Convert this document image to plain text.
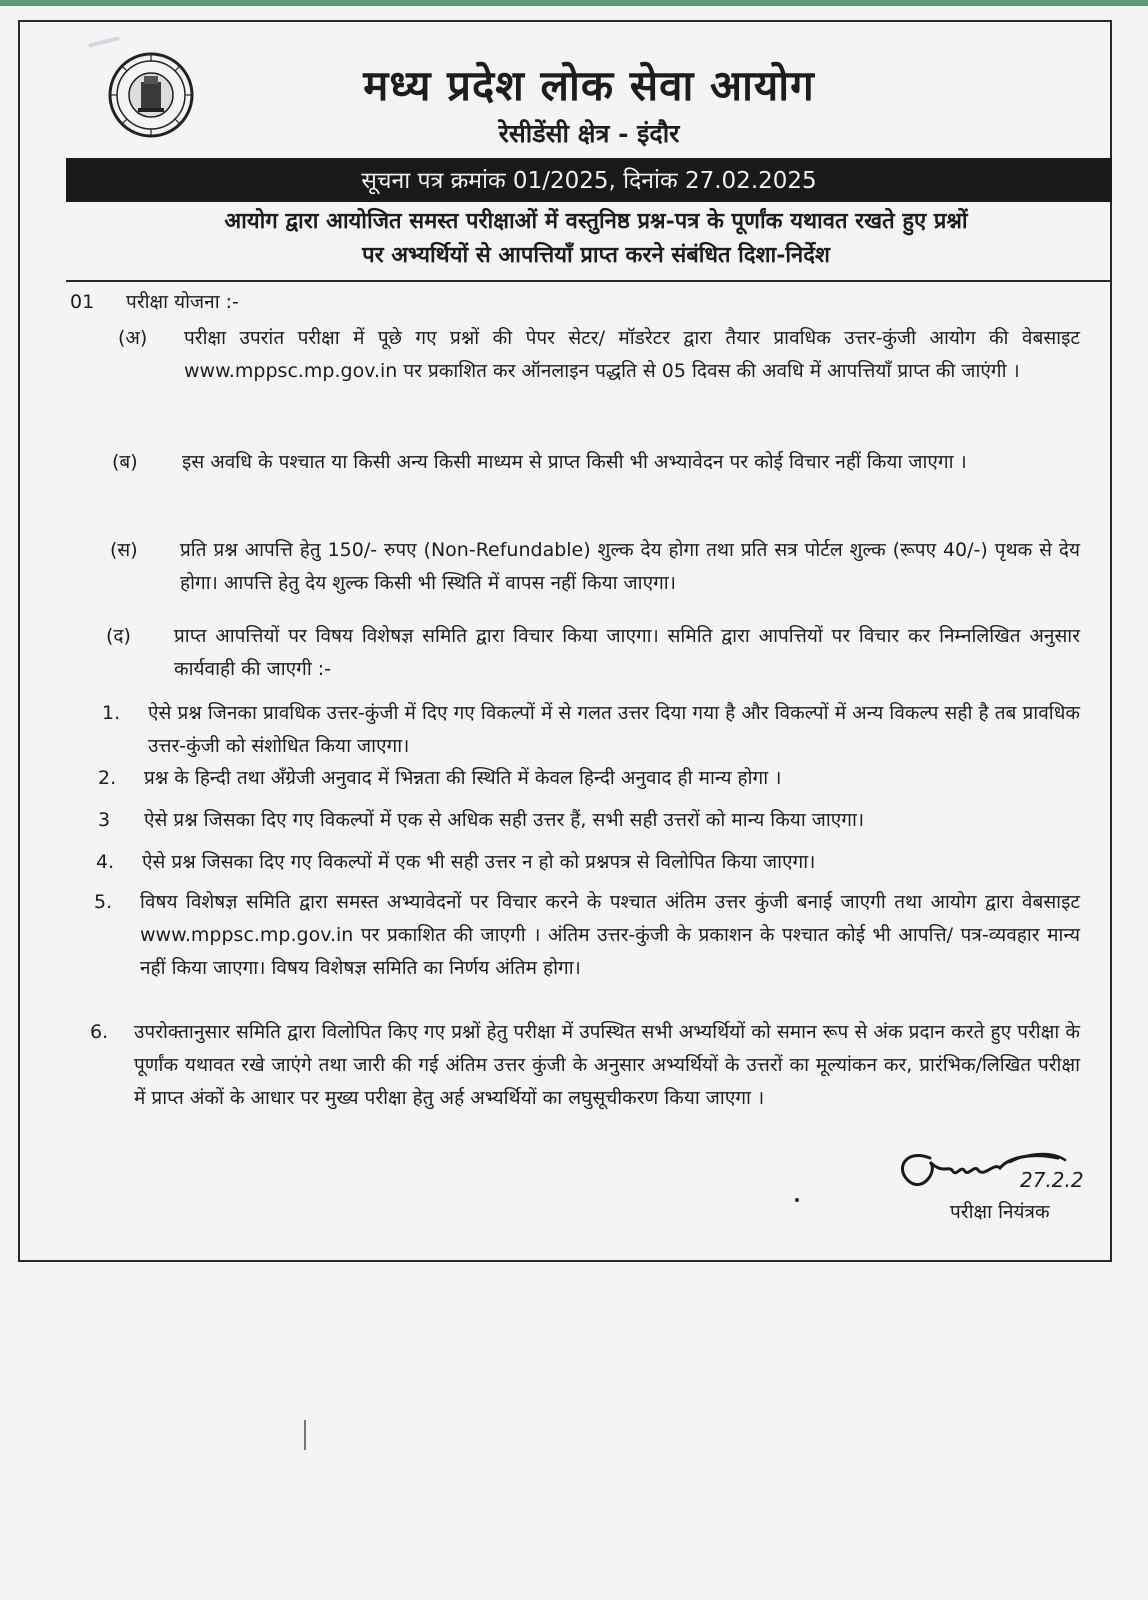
मध्य प्रदेश लोक सेवा आयोग
रेसीडेंसी क्षेत्र - इंदौर
सूचना पत्र क्रमांक 01/2025, दिनांक 27.02.2025
आयोग द्वारा आयोजित समस्त परीक्षाओं में वस्तुनिष्ठ प्रश्न-पत्र के पूर्णांक यथावत रखते हुए प्रश्नों
पर अभ्यर्थियों से आपत्तियाँ प्राप्त करने संबंधित दिशा-निर्देश
01 परीक्षा योजना :-
(अ) परीक्षा उपरांत परीक्षा में पूछे गए प्रश्नों की पेपर सेटर/ मॉडरेटर द्वारा तैयार प्रावधिक उत्तर-कुंजी आयोग की वेबसाइट www.mppsc.mp.gov.in पर प्रकाशित कर ऑनलाइन पद्धति से 05 दिवस की अवधि में आपत्तियाँ प्राप्त की जाएंगी ।
(ब) इस अवधि के पश्चात या किसी अन्य किसी माध्यम से प्राप्त किसी भी अभ्यावेदन पर कोई विचार नहीं किया जाएगा ।
(स) प्रति प्रश्न आपत्ति हेतु 150/- रुपए (Non-Refundable) शुल्क देय होगा तथा प्रति सत्र पोर्टल शुल्क (रूपए 40/-) पृथक से देय होगा। आपत्ति हेतु देय शुल्क किसी भी स्थिति में वापस नहीं किया जाएगा।
(द) प्राप्त आपत्तियों पर विषय विशेषज्ञ समिति द्वारा विचार किया जाएगा। समिति द्वारा आपत्तियों पर विचार कर निम्नलिखित अनुसार कार्यवाही की जाएगी :-
1. ऐसे प्रश्न जिनका प्रावधिक उत्तर-कुंजी में दिए गए विकल्पों में से गलत उत्तर दिया गया है और विकल्पों में अन्य विकल्प सही है तब प्रावधिक उत्तर-कुंजी को संशोधित किया जाएगा।
2. प्रश्न के हिन्दी तथा अँग्रेजी अनुवाद में भिन्नता की स्थिति में केवल हिन्दी अनुवाद ही मान्य होगा ।
3 ऐसे प्रश्न जिसका दिए गए विकल्पों में एक से अधिक सही उत्तर हैं, सभी सही उत्तरों को मान्य किया जाएगा।
4. ऐसे प्रश्न जिसका दिए गए विकल्पों में एक भी सही उत्तर न हो को प्रश्नपत्र से विलोपित किया जाएगा।
5. विषय विशेषज्ञ समिति द्वारा समस्त अभ्यावेदनों पर विचार करने के पश्चात अंतिम उत्तर कुंजी बनाई जाएगी तथा आयोग द्वारा वेबसाइट www.mppsc.mp.gov.in पर प्रकाशित की जाएगी । अंतिम उत्तर-कुंजी के प्रकाशन के पश्चात कोई भी आपत्ति/ पत्र-व्यवहार मान्य नहीं किया जाएगा। विषय विशेषज्ञ समिति का निर्णय अंतिम होगा।
6. उपरोक्तानुसार समिति द्वारा विलोपित किए गए प्रश्नों हेतु परीक्षा में उपस्थित सभी अभ्यर्थियों को समान रूप से अंक प्रदान करते हुए परीक्षा के पूर्णांक यथावत रखे जाएंगे तथा जारी की गई अंतिम उत्तर कुंजी के अनुसार अभ्यर्थियों के उत्तरों का मूल्यांकन कर, प्रारंभिक/लिखित परीक्षा में प्राप्त अंकों के आधार पर मुख्य परीक्षा हेतु अर्ह अभ्यर्थियों का लघुसूचीकरण किया जाएगा ।
27.2.2
परीक्षा नियंत्रक
